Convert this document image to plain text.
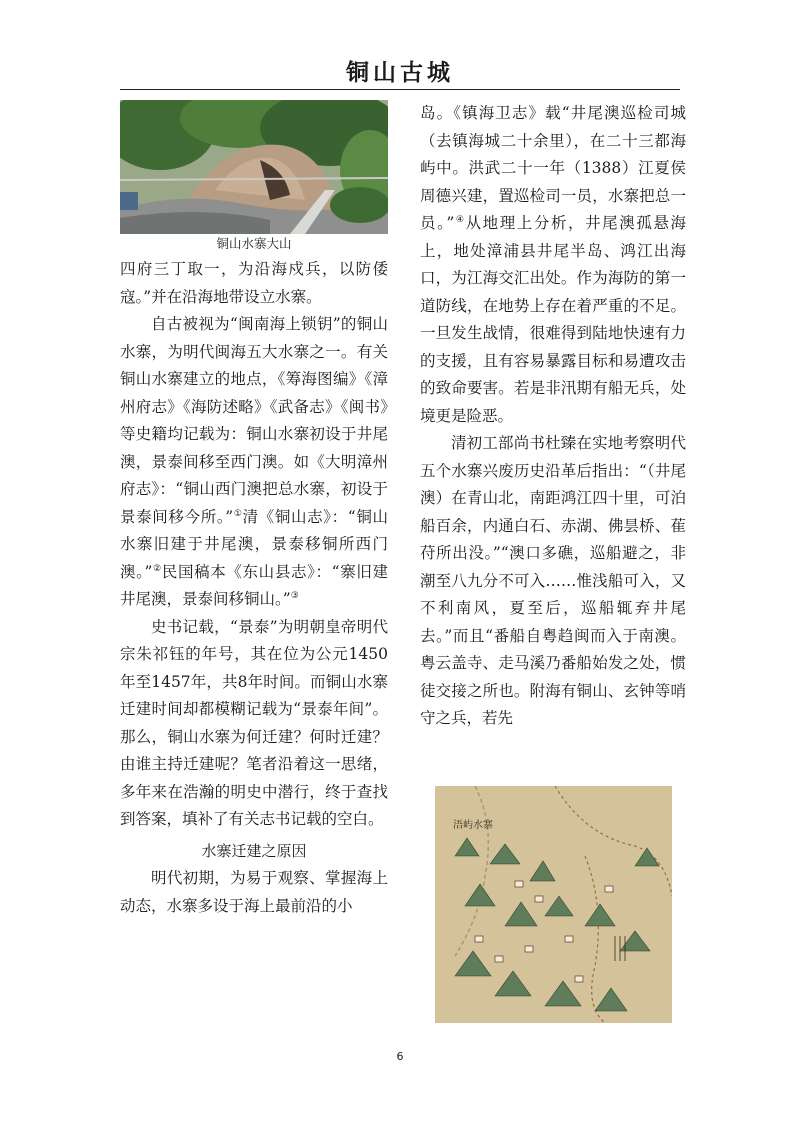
铜山古城
铜山水寨大山

四府三丁取一，为沿海戍兵，以防倭寇。”并在沿海地带设立水寨。

自古被视为“闽南海上锁钥”的铜山水寨，为明代闽海五大水寨之一。有关铜山水寨建立的地点，《筹海图编》《漳州府志》《海防述略》《武备志》《闽书》等史籍均记载为：铜山水寨初设于井尾澳，景泰间移至西门澳。如《大明漳州府志》：“铜山西门澳把总水寨，初设于景泰间移今所。”①清《铜山志》：“铜山水寨旧建于井尾澳，景泰移铜所西门澳。”②民国稿本《东山县志》：“寨旧建井尾澳，景泰间移铜山。”③

史书记载，“景泰”为明朝皇帝明代宗朱祁钰的年号，其在位为公元1450年至1457年，共8年时间。而铜山水寨迁建时间却都模糊记载为“景泰年间”。那么，铜山水寨为何迁建？何时迁建？由谁主持迁建呢？笔者沿着这一思绪，多年来在浩瀚的明史中潜行，终于查找到答案，填补了有关志书记载的空白。

水寨迁建之原因

明代初期，为易于观察、掌握海上动态，水寨多设于海上最前沿的小

岛。《镇海卫志》载“井尾澳巡检司城（去镇海城二十余里），在二十三都海屿中。洪武二十一年（1388）江夏侯周德兴建，置巡检司一员，水寨把总一员。”④从地理上分析，井尾澳孤悬海上，地处漳浦县井尾半岛、鸿江出海口，为江海交汇出处。作为海防的第一道防线，在地势上存在着严重的不足。一旦发生战情，很难得到陆地快速有力的支援，且有容易暴露目标和易遭攻击的致命要害。若是非汛期有船无兵，处境更是险恶。

清初工部尚书杜臻在实地考察明代五个水寨兴废历史沿革后指出：“（井尾澳）在青山北，南距鸿江四十里，可泊船百余，内通白石、赤湖、佛昙桥、萑苻所出没。”“澳口多礁，巡船避之，非潮至八九分不可入……惟浅船可入，又不利南风，夏至后，巡船辄弃井尾去。”而且“番船自粤趋闽而入于南澳。粤云盖寺、走马溪乃番船始发之处，惯徒交接之所也。附海有铜山、玄钟等哨守之兵，若先

浯屿水寨
6
